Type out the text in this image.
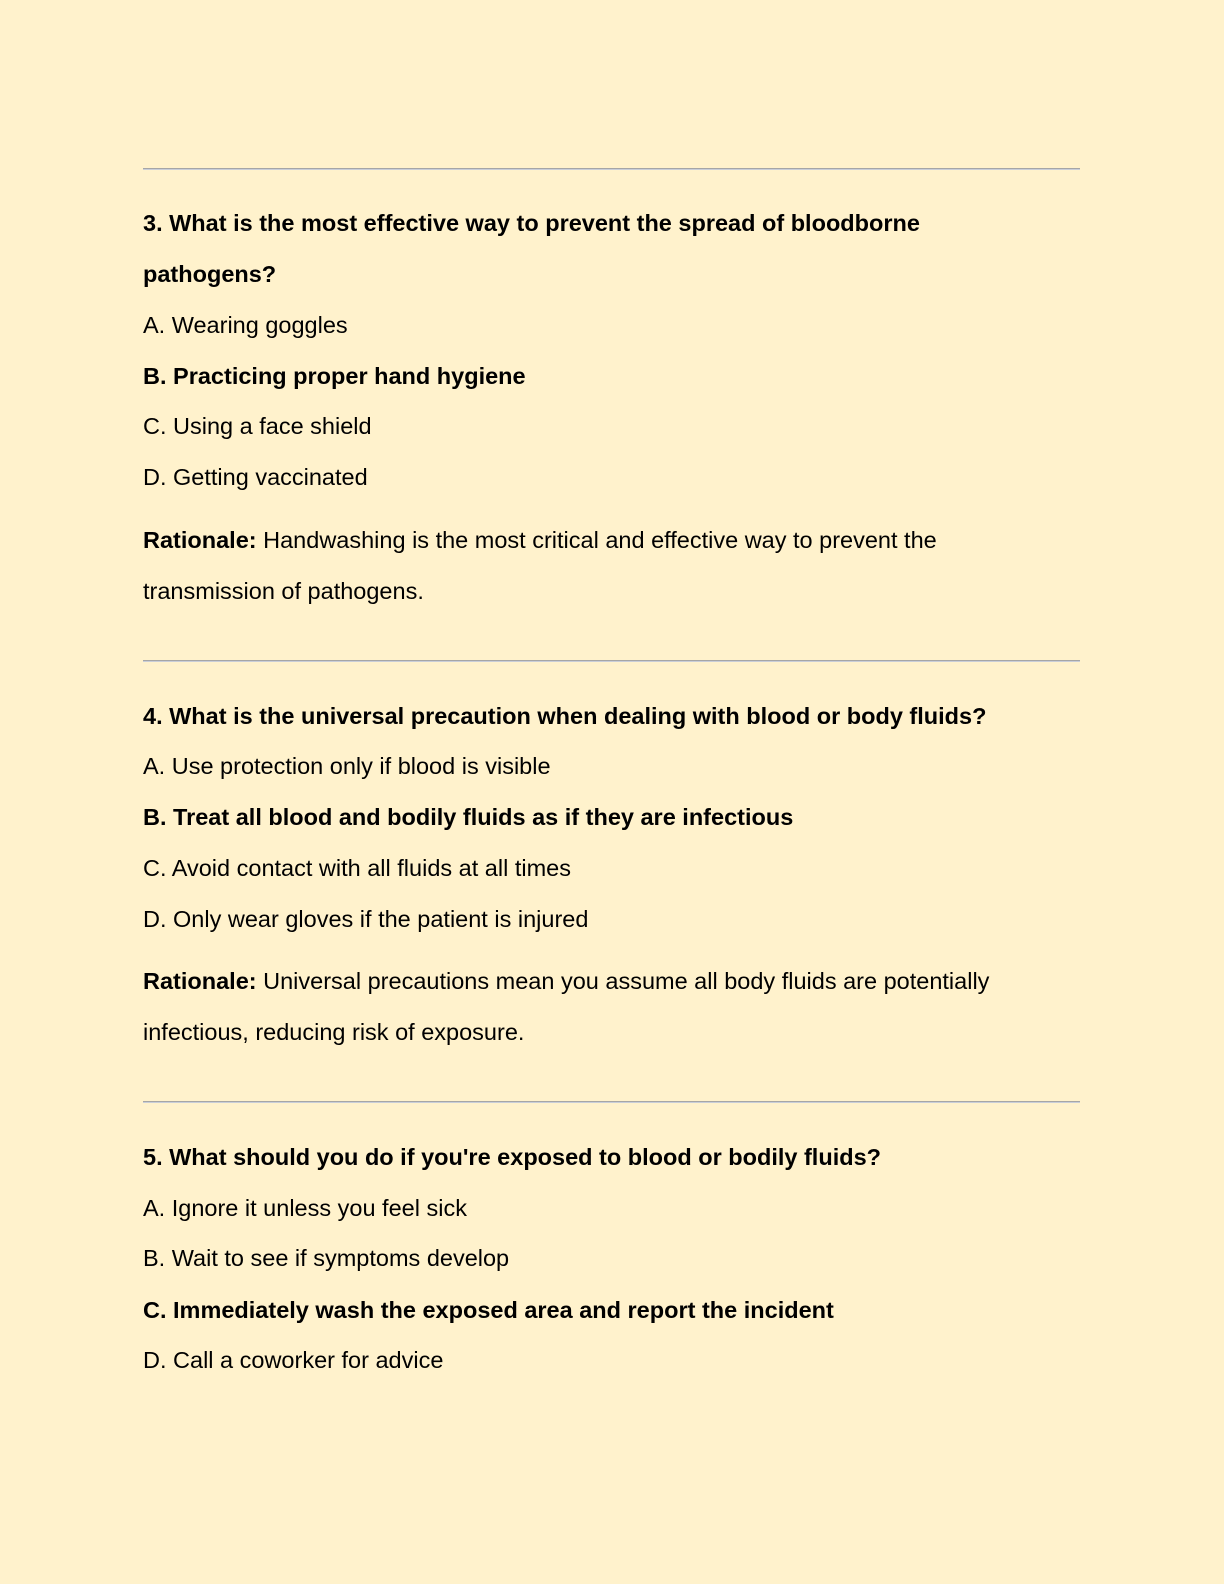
3. What is the most effective way to prevent the spread of bloodborne
pathogens?
A. Wearing goggles
B. Practicing proper hand hygiene
C. Using a face shield
D. Getting vaccinated
Rationale: Handwashing is the most critical and effective way to prevent the
transmission of pathogens.
4. What is the universal precaution when dealing with blood or body fluids?
A. Use protection only if blood is visible
B. Treat all blood and bodily fluids as if they are infectious
C. Avoid contact with all fluids at all times
D. Only wear gloves if the patient is injured
Rationale: Universal precautions mean you assume all body fluids are potentially
infectious, reducing risk of exposure.
5. What should you do if you're exposed to blood or bodily fluids?
A. Ignore it unless you feel sick
B. Wait to see if symptoms develop
C. Immediately wash the exposed area and report the incident
D. Call a coworker for advice
